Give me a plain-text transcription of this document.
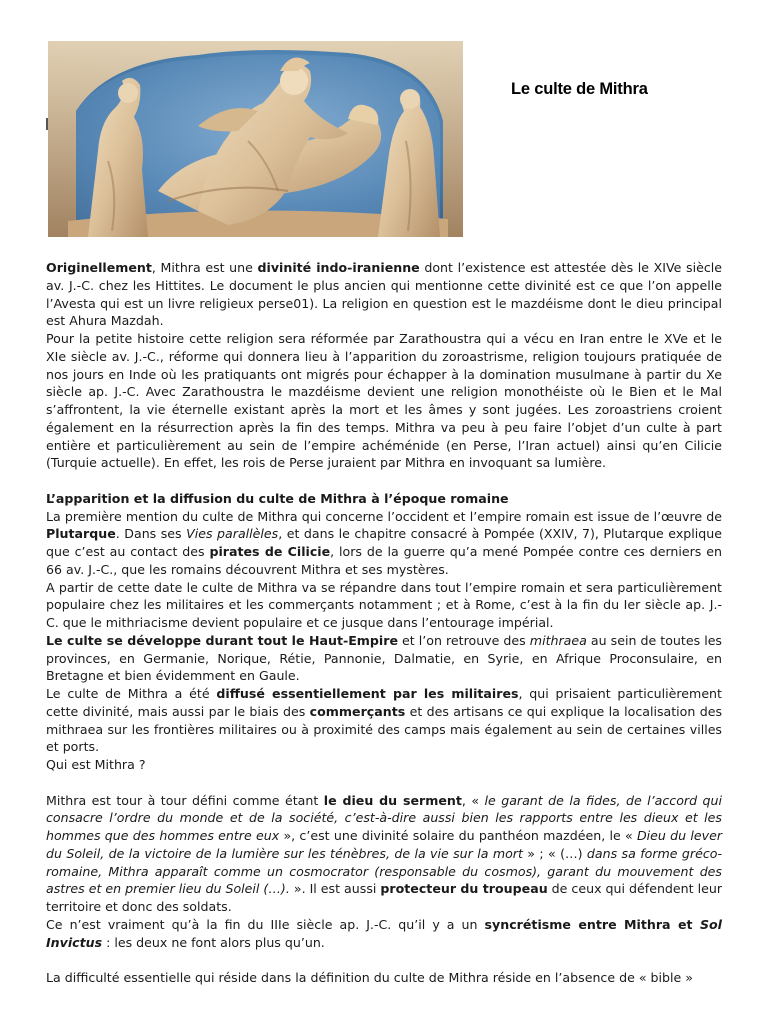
Le culte de Mithra

Originellement, Mithra est une divinité indo-iranienne dont l’existence est attestée dès le XIVe siècle av. J.-C. chez les Hittites. Le document le plus ancien qui mentionne cette divinité est ce que l’on appelle l’Avesta qui est un livre religieux perse01). La religion en question est le mazdéisme dont le dieu principal est Ahura Mazdah.

Pour la petite histoire cette religion sera réformée par Zarathoustra qui a vécu en Iran entre le XVe et le XIe siècle av. J.-C., réforme qui donnera lieu à l’apparition du zoroastrisme, religion toujours pratiquée de nos jours en Inde où les pratiquants ont migrés pour échapper à la domination musulmane à partir du Xe siècle ap. J.-C. Avec Zarathoustra le mazdéisme devient une religion monothéiste où le Bien et le Mal s’affrontent, la vie éternelle existant après la mort et les âmes y sont jugées. Les zoroastriens croient également en la résurrection après la fin des temps. Mithra va peu à peu faire l’objet d’un culte à part entière et particulièrement au sein de l’empire achéménide (en Perse, l’Iran actuel) ainsi qu’en Cilicie (Turquie actuelle). En effet, les rois de Perse juraient par Mithra en invoquant sa lumière.

L’apparition et la diffusion du culte de Mithra à l’époque romaine

La première mention du culte de Mithra qui concerne l’occident et l’empire romain est issue de l’œuvre de Plutarque. Dans ses Vies parallèles, et dans le chapitre consacré à Pompée (XXIV, 7), Plutarque explique que c’est au contact des pirates de Cilicie, lors de la guerre qu’a mené Pompée contre ces derniers en 66 av. J.-C., que les romains découvrent Mithra et ses mystères.

A partir de cette date le culte de Mithra va se répandre dans tout l’empire romain et sera particulièrement populaire chez les militaires et les commerçants notamment ; et à Rome, c’est à la fin du Ier siècle ap. J.-C. que le mithriacisme devient populaire et ce jusque dans l’entourage impérial.

Le culte se développe durant tout le Haut-Empire et l’on retrouve des mithraea au sein de toutes les provinces, en Germanie, Norique, Rétie, Pannonie, Dalmatie, en Syrie, en Afrique Proconsulaire, en Bretagne et bien évidemment en Gaule.

Le culte de Mithra a été diffusé essentiellement par les militaires, qui prisaient particulièrement cette divinité, mais aussi par le biais des commerçants et des artisans ce qui explique la localisation des mithraea sur les frontières militaires ou à proximité des camps mais également au sein de certaines villes et ports.

Qui est Mithra ?

Mithra est tour à tour défini comme étant le dieu du serment, « le garant de la fides, de l’accord qui consacre l’ordre du monde et de la société, c’est-à-dire aussi bien les rapports entre les dieux et les hommes que des hommes entre eux », c’est une divinité solaire du panthéon mazdéen, le « Dieu du lever du Soleil, de la victoire de la lumière sur les ténèbres, de la vie sur la mort » ; « (…) dans sa forme gréco-romaine, Mithra apparaît comme un cosmocrator (responsable du cosmos), garant du mouvement des astres et en premier lieu du Soleil (…). ». Il est aussi protecteur du troupeau de ceux qui défendent leur territoire et donc des soldats.

Ce n’est vraiment qu’à la fin du IIIe siècle ap. J.-C. qu’il y a un syncrétisme entre Mithra et Sol Invictus : les deux ne font alors plus qu’un.

La difficulté essentielle qui réside dans la définition du culte de Mithra réside en l’absence de « bible »
